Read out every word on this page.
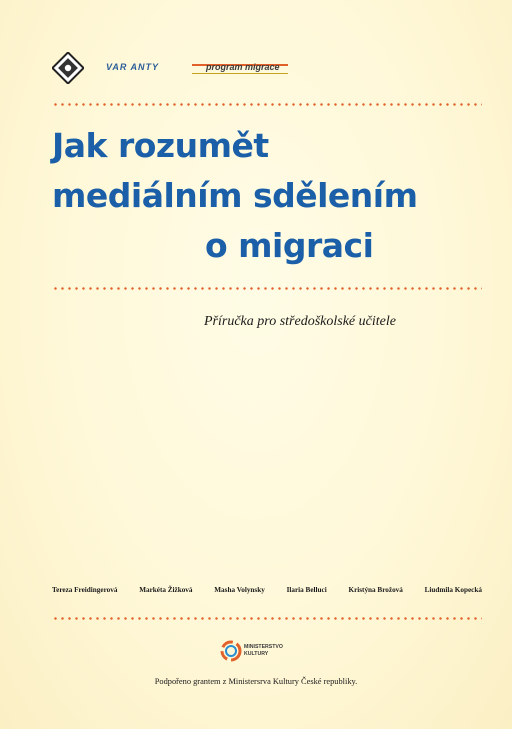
VAR ANTY	program migrace
Jak rozumět
mediálním sdělením
o migraci
Příručka pro středoškolské učitele
Tereza Freidingerová	Markéta Žižková	Masha Volynsky	Ilaria Belluci	Kristýna Brožová	Liudmila Kopecká
MINISTERSTVO
KULTURY
Podpořeno grantem z Ministersrva Kultury České republiky.
